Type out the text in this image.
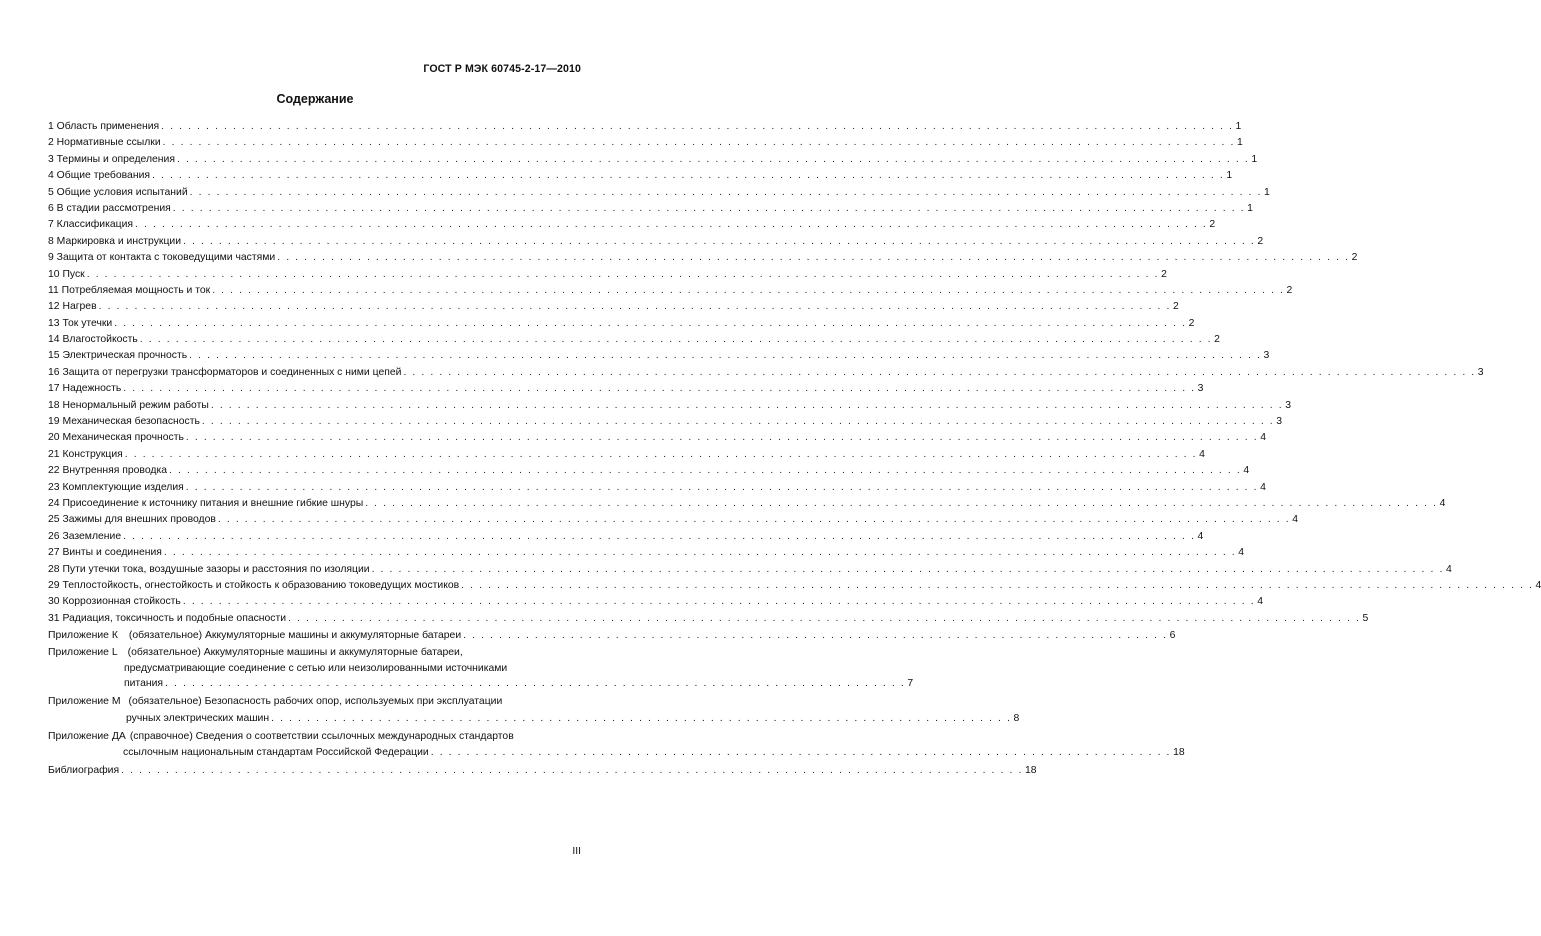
ГОСТ Р МЭК 60745-2-17—2010
Содержание
1 Область применения . . . . . . . . . . . . . . . . . . . . . . . . . . . . . . . . . . . . . . . . . . . . . . . . . . . . . . . . . . . . . . . . . . . . . . . . . . . . . . . . . . . . . . . . . . . . . . . . . . . . . . . . . . . . . . . . . . . . . . . . 1
2 Нормативные ссылки . . . . . . . . . . . . . . . . . . . . . . . . . . . . . . . . . . . . . . . . . . . . . . . . . . . . . . . . . . . . . . . . . . . . . . . . . . . . . . . . . . . . . . . . . . . . . . . . . . . . . . . . . . . . . . . . . . . . . . . . 1
3 Термины и определения . . . . . . . . . . . . . . . . . . . . . . . . . . . . . . . . . . . . . . . . . . . . . . . . . . . . . . . . . . . . . . . . . . . . . . . . . . . . . . . . . . . . . . . . . . . . . . . . . . . . . . . . . . . . . . . . . . . . . . . . 1
4 Общие требования . . . . . . . . . . . . . . . . . . . . . . . . . . . . . . . . . . . . . . . . . . . . . . . . . . . . . . . . . . . . . . . . . . . . . . . . . . . . . . . . . . . . . . . . . . . . . . . . . . . . . . . . . . . . . . . . . . . . . . . . 1
5 Общие условия испытаний . . . . . . . . . . . . . . . . . . . . . . . . . . . . . . . . . . . . . . . . . . . . . . . . . . . . . . . . . . . . . . . . . . . . . . . . . . . . . . . . . . . . . . . . . . . . . . . . . . . . . . . . . . . . . . . . . . . . . . . . 1
6 В стадии рассмотрения . . . . . . . . . . . . . . . . . . . . . . . . . . . . . . . . . . . . . . . . . . . . . . . . . . . . . . . . . . . . . . . . . . . . . . . . . . . . . . . . . . . . . . . . . . . . . . . . . . . . . . . . . . . . . . . . . . . . . . . . 1
7 Классификация . . . . . . . . . . . . . . . . . . . . . . . . . . . . . . . . . . . . . . . . . . . . . . . . . . . . . . . . . . . . . . . . . . . . . . . . . . . . . . . . . . . . . . . . . . . . . . . . . . . . . . . . . . . . . . . . . . . . . . . . 2
8 Маркировка и инструкции . . . . . . . . . . . . . . . . . . . . . . . . . . . . . . . . . . . . . . . . . . . . . . . . . . . . . . . . . . . . . . . . . . . . . . . . . . . . . . . . . . . . . . . . . . . . . . . . . . . . . . . . . . . . . . . . . . . . . . . . 2
9 Защита от контакта с токоведущими частями . . . . . . . . . . . . . . . . . . . . . . . . . . . . . . . . . . . . . . . . . . . . . . . . . . . . . . . . . . . . . . . . . . . . . . . . . . . . . . . . . . . . . . . . . . . . . . . . . . . . . . . . . . . . . . . . . . . . . . . . 2
10 Пуск . . . . . . . . . . . . . . . . . . . . . . . . . . . . . . . . . . . . . . . . . . . . . . . . . . . . . . . . . . . . . . . . . . . . . . . . . . . . . . . . . . . . . . . . . . . . . . . . . . . . . . . . . . . . . . . . . . . . . . . . 2
11 Потребляемая мощность и ток . . . . . . . . . . . . . . . . . . . . . . . . . . . . . . . . . . . . . . . . . . . . . . . . . . . . . . . . . . . . . . . . . . . . . . . . . . . . . . . . . . . . . . . . . . . . . . . . . . . . . . . . . . . . . . . . . . . . . . . . 2
12 Нагрев . . . . . . . . . . . . . . . . . . . . . . . . . . . . . . . . . . . . . . . . . . . . . . . . . . . . . . . . . . . . . . . . . . . . . . . . . . . . . . . . . . . . . . . . . . . . . . . . . . . . . . . . . . . . . . . . . . . . . . . . 2
13 Ток утечки . . . . . . . . . . . . . . . . . . . . . . . . . . . . . . . . . . . . . . . . . . . . . . . . . . . . . . . . . . . . . . . . . . . . . . . . . . . . . . . . . . . . . . . . . . . . . . . . . . . . . . . . . . . . . . . . . . . . . . . . 2
14 Влагостойкость . . . . . . . . . . . . . . . . . . . . . . . . . . . . . . . . . . . . . . . . . . . . . . . . . . . . . . . . . . . . . . . . . . . . . . . . . . . . . . . . . . . . . . . . . . . . . . . . . . . . . . . . . . . . . . . . . . . . . . . . 2
15 Электрическая прочность . . . . . . . . . . . . . . . . . . . . . . . . . . . . . . . . . . . . . . . . . . . . . . . . . . . . . . . . . . . . . . . . . . . . . . . . . . . . . . . . . . . . . . . . . . . . . . . . . . . . . . . . . . . . . . . . . . . . . . . . 3
16 Защита от перегрузки трансформаторов и соединенных с ними цепей . . . . . . . . . . . . . . . . . . . . . . . . . . . . . . . . . . . . . . . . . . . . . . . . . . . . . . . . . . . . . . . . . . . . . . . . . . . . . . . . . . . . . . . . . . . . . . . . . . . . . . . . . . . . . . . . . . . . . . . . 3
17 Надежность . . . . . . . . . . . . . . . . . . . . . . . . . . . . . . . . . . . . . . . . . . . . . . . . . . . . . . . . . . . . . . . . . . . . . . . . . . . . . . . . . . . . . . . . . . . . . . . . . . . . . . . . . . . . . . . . . . . . . . . . 3
18 Ненормальный режим работы . . . . . . . . . . . . . . . . . . . . . . . . . . . . . . . . . . . . . . . . . . . . . . . . . . . . . . . . . . . . . . . . . . . . . . . . . . . . . . . . . . . . . . . . . . . . . . . . . . . . . . . . . . . . . . . . . . . . . . . . 3
19 Механическая безопасность . . . . . . . . . . . . . . . . . . . . . . . . . . . . . . . . . . . . . . . . . . . . . . . . . . . . . . . . . . . . . . . . . . . . . . . . . . . . . . . . . . . . . . . . . . . . . . . . . . . . . . . . . . . . . . . . . . . . . . . . 3
20 Механическая прочность . . . . . . . . . . . . . . . . . . . . . . . . . . . . . . . . . . . . . . . . . . . . . . . . . . . . . . . . . . . . . . . . . . . . . . . . . . . . . . . . . . . . . . . . . . . . . . . . . . . . . . . . . . . . . . . . . . . . . . . . 4
21 Конструкция . . . . . . . . . . . . . . . . . . . . . . . . . . . . . . . . . . . . . . . . . . . . . . . . . . . . . . . . . . . . . . . . . . . . . . . . . . . . . . . . . . . . . . . . . . . . . . . . . . . . . . . . . . . . . . . . . . . . . . . . 4
22 Внутренняя проводка . . . . . . . . . . . . . . . . . . . . . . . . . . . . . . . . . . . . . . . . . . . . . . . . . . . . . . . . . . . . . . . . . . . . . . . . . . . . . . . . . . . . . . . . . . . . . . . . . . . . . . . . . . . . . . . . . . . . . . . . 4
23 Комплектующие изделия . . . . . . . . . . . . . . . . . . . . . . . . . . . . . . . . . . . . . . . . . . . . . . . . . . . . . . . . . . . . . . . . . . . . . . . . . . . . . . . . . . . . . . . . . . . . . . . . . . . . . . . . . . . . . . . . . . . . . . . . 4
24 Присоединение к источнику питания и внешние гибкие шнуры . . . . . . . . . . . . . . . . . . . . . . . . . . . . . . . . . . . . . . . . . . . . . . . . . . . . . . . . . . . . . . . . . . . . . . . . . . . . . . . . . . . . . . . . . . . . . . . . . . . . . . . . . . . . . . . . . . . . . . . . 4
25 Зажимы для внешних проводов . . . . . . . . . . . . . . . . . . . . . . . . . . . . . . . . . . . . . . . . . . . . . . . . . . . . . . . . . . . . . . . . . . . . . . . . . . . . . . . . . . . . . . . . . . . . . . . . . . . . . . . . . . . . . . . . . . . . . . . . 4
26 Заземление . . . . . . . . . . . . . . . . . . . . . . . . . . . . . . . . . . . . . . . . . . . . . . . . . . . . . . . . . . . . . . . . . . . . . . . . . . . . . . . . . . . . . . . . . . . . . . . . . . . . . . . . . . . . . . . . . . . . . . . . 4
27 Винты и соединения . . . . . . . . . . . . . . . . . . . . . . . . . . . . . . . . . . . . . . . . . . . . . . . . . . . . . . . . . . . . . . . . . . . . . . . . . . . . . . . . . . . . . . . . . . . . . . . . . . . . . . . . . . . . . . . . . . . . . . . . 4
28 Пути утечки тока, воздушные зазоры и расстояния по изоляции . . . . . . . . . . . . . . . . . . . . . . . . . . . . . . . . . . . . . . . . . . . . . . . . . . . . . . . . . . . . . . . . . . . . . . . . . . . . . . . . . . . . . . . . . . . . . . . . . . . . . . . . . . . . . . . . . . . . . . . . 4
29 Теплостойкость, огнестойкость и стойкость к образованию токоведущих мостиков . . . . . . . . . . . . . . . . . . . . . . . . . . . . . . . . . . . . . . . . . . . . . . . . . . . . . . . . . . . . . . . . . . . . . . . . . . . . . . . . . . . . . . . . . . . . . . . . . . . . . . . . . . . . . . . . . . . . . . . . 4
30 Коррозионная стойкость . . . . . . . . . . . . . . . . . . . . . . . . . . . . . . . . . . . . . . . . . . . . . . . . . . . . . . . . . . . . . . . . . . . . . . . . . . . . . . . . . . . . . . . . . . . . . . . . . . . . . . . . . . . . . . . . . . . . . . . . 4
31 Радиация, токсичность и подобные опасности . . . . . . . . . . . . . . . . . . . . . . . . . . . . . . . . . . . . . . . . . . . . . . . . . . . . . . . . . . . . . . . . . . . . . . . . . . . . . . . . . . . . . . . . . . . . . . . . . . . . . . . . . . . . . . . . . . . . . . . . 5
Приложение К (обязательное) Аккумуляторные машины и аккумуляторные батареи . . . . . . . . . . . . . . . . . . . . . . . . . . . . . . . . . . . . . . . . . . . . . . . . . . . . . . . . . . . . . . . . . . . . . . . . . . . . . . . 6
Приложение L (обязательное) Аккумуляторные машины и аккумуляторные батареи,
предусматривающие соединение с сетью или неизолированными источниками
питания . . . . . . . . . . . . . . . . . . . . . . . . . . . . . . . . . . . . . . . . . . . . . . . . . . . . . . . . . . . . . . . . . . . . . . . . . . . . . . . . . . . 7
Приложение М (обязательное) Безопасность рабочих опор, используемых при эксплуатации
ручных электрических машин . . . . . . . . . . . . . . . . . . . . . . . . . . . . . . . . . . . . . . . . . . . . . . . . . . . . . . . . . . . . . . . . . . . . . . . . . . . . . . . . . . . 8
Приложение ДА (справочное) Сведения о соответствии ссылочных международных стандартов
ссылочным национальным стандартам Российской Федерации . . . . . . . . . . . . . . . . . . . . . . . . . . . . . . . . . . . . . . . . . . . . . . . . . . . . . . . . . . . . . . . . . . . . . . . . . . . . . . . . . . . 18
Библиография . . . . . . . . . . . . . . . . . . . . . . . . . . . . . . . . . . . . . . . . . . . . . . . . . . . . . . . . . . . . . . . . . . . . . . . . . . . . . . . . . . . . . . . . . . . . . . . . . . . . . 18
III
